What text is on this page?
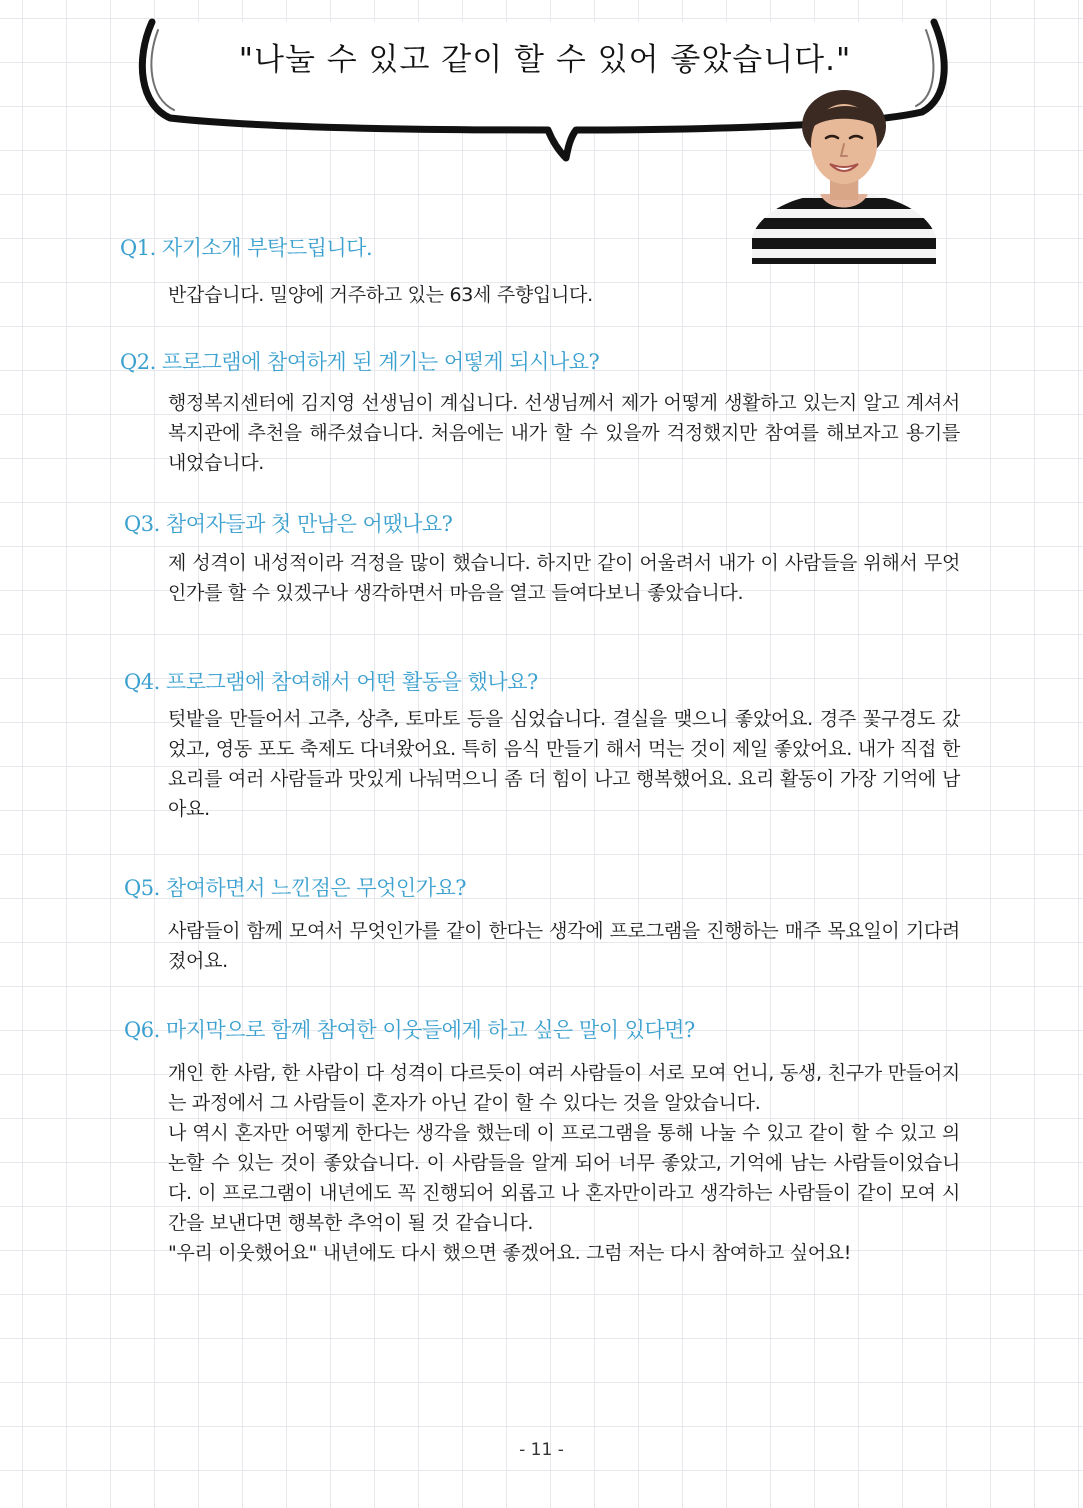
"나눌 수 있고 같이 할 수 있어 좋았습니다."
Q1. 자기소개 부탁드립니다.

반갑습니다. 밀양에 거주하고 있는 63세 주향입니다.

Q2. 프로그램에 참여하게 된 계기는 어떻게 되시나요?

행정복지센터에 김지영 선생님이 계십니다. 선생님께서 제가 어떻게 생활하고 있는지 알고 계셔서 복지관에 추천을 해주셨습니다. 처음에는 내가 할 수 있을까 걱정했지만 참여를 해보자고 용기를 내었습니다.

Q3. 참여자들과 첫 만남은 어땠나요?

제 성격이 내성적이라 걱정을 많이 했습니다. 하지만 같이 어울려서 내가 이 사람들을 위해서 무엇인가를 할 수 있겠구나 생각하면서 마음을 열고 들여다보니 좋았습니다.

Q4. 프로그램에 참여해서 어떤 활동을 했나요?

텃밭을 만들어서 고추, 상추, 토마토 등을 심었습니다. 결실을 맺으니 좋았어요. 경주 꽃구경도 갔었고, 영동 포도 축제도 다녀왔어요. 특히 음식 만들기 해서 먹는 것이 제일 좋았어요. 내가 직접 한 요리를 여러 사람들과 맛있게 나눠먹으니 좀 더 힘이 나고 행복했어요. 요리 활동이 가장 기억에 남아요.

Q5. 참여하면서 느낀점은 무엇인가요?

사람들이 함께 모여서 무엇인가를 같이 한다는 생각에 프로그램을 진행하는 매주 목요일이 기다려졌어요.

Q6. 마지막으로 함께 참여한 이웃들에게 하고 싶은 말이 있다면?

개인 한 사람, 한 사람이 다 성격이 다르듯이 여러 사람들이 서로 모여 언니, 동생, 친구가 만들어지는 과정에서 그 사람들이 혼자가 아닌 같이 할 수 있다는 것을 알았습니다.

나 역시 혼자만 어떻게 한다는 생각을 했는데 이 프로그램을 통해 나눌 수 있고 같이 할 수 있고 의논할 수 있는 것이 좋았습니다. 이 사람들을 알게 되어 너무 좋았고, 기억에 남는 사람들이었습니다. 이 프로그램이 내년에도 꼭 진행되어 외롭고 나 혼자만이라고 생각하는 사람들이 같이 모여 시간을 보낸다면 행복한 추억이 될 것 같습니다.

"우리 이웃했어요" 내년에도 다시 했으면 좋겠어요. 그럼 저는 다시 참여하고 싶어요!

- 11 -
